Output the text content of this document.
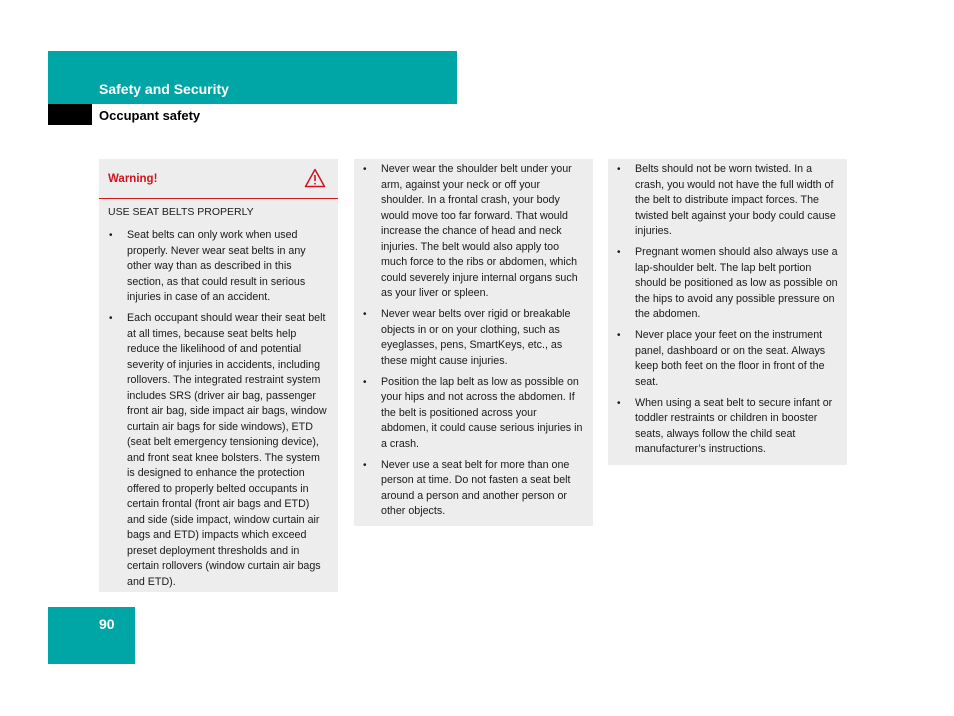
Safety and Security
Occupant safety
Warning!
USE SEAT BELTS PROPERLY
• Seat belts can only work when used properly. Never wear seat belts in any other way than as described in this section, as that could result in serious injuries in case of an accident.
• Each occupant should wear their seat belt at all times, because seat belts help reduce the likelihood of and potential severity of injuries in accidents, including rollovers. The integrated restraint system includes SRS (driver air bag, passenger front air bag, side impact air bags, window curtain air bags for side windows), ETD (seat belt emergency tensioning device), and front seat knee bolsters. The system is designed to enhance the protection offered to properly belted occupants in certain frontal (front air bags and ETD) and side (side impact, window curtain air bags and ETD) impacts which exceed preset deployment thresholds and in certain rollovers (window curtain air bags and ETD).
• Never wear the shoulder belt under your arm, against your neck or off your shoulder. In a frontal crash, your body would move too far forward. That would increase the chance of head and neck injuries. The belt would also apply too much force to the ribs or abdomen, which could severely injure internal organs such as your liver or spleen.
• Never wear belts over rigid or breakable objects in or on your clothing, such as eyeglasses, pens, SmartKeys, etc., as these might cause injuries.
• Position the lap belt as low as possible on your hips and not across the abdomen. If the belt is positioned across your abdomen, it could cause serious injuries in a crash.
• Never use a seat belt for more than one person at time. Do not fasten a seat belt around a person and another person or other objects.
• Belts should not be worn twisted. In a crash, you would not have the full width of the belt to distribute impact forces. The twisted belt against your body could cause injuries.
• Pregnant women should also always use a lap-shoulder belt. The lap belt portion should be positioned as low as possible on the hips to avoid any possible pressure on the abdomen.
• Never place your feet on the instrument panel, dashboard or on the seat. Always keep both feet on the floor in front of the seat.
• When using a seat belt to secure infant or toddler restraints or children in booster seats, always follow the child seat manufacturer’s instructions.
90
